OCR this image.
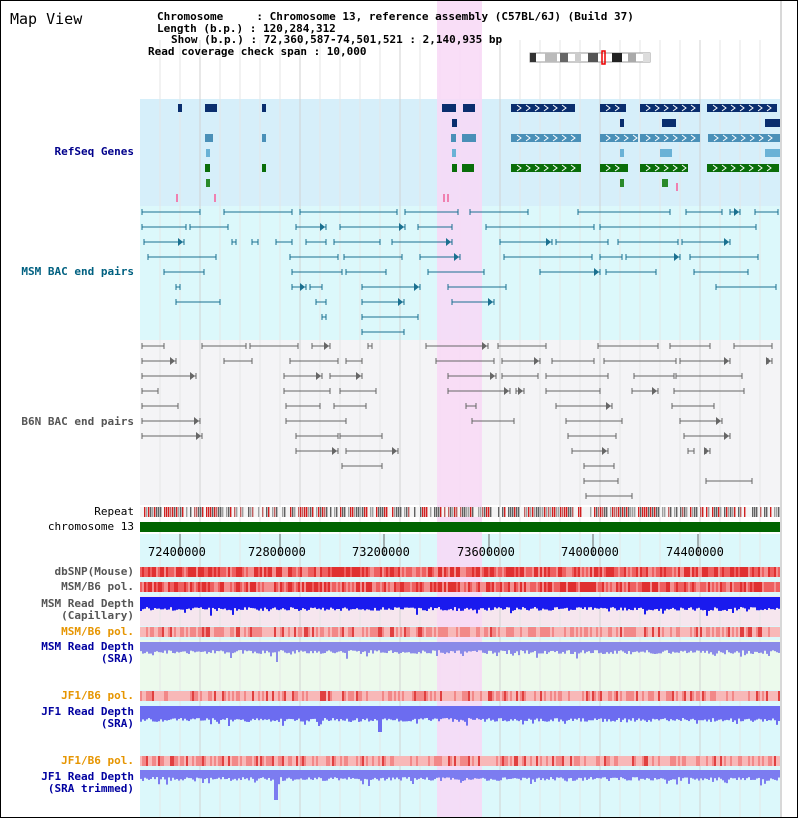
72400000	72800000	73200000	73600000	74000000	74400000
Map View	Chromosome     : Chromosome 13, reference assembly (C57BL/6J) (Build 37)
Length (b.p.) : 120,284,312
Show (b.p.) : 72,360,587-74,501,521 : 2,140,935 bp
Read coverage check span : 10,000
RefSeq Genes
MSM BAC end pairs
B6N BAC end pairs
Repeat
chromosome 13
dbSNP(Mouse)
MSM/B6 pol.
MSM Read Depth
(Capillary)
MSM/B6 pol.
MSM Read Depth
(SRA)
JF1/B6 pol.
JF1 Read Depth
(SRA)
JF1/B6 pol.
JF1 Read Depth
(SRA trimmed)
